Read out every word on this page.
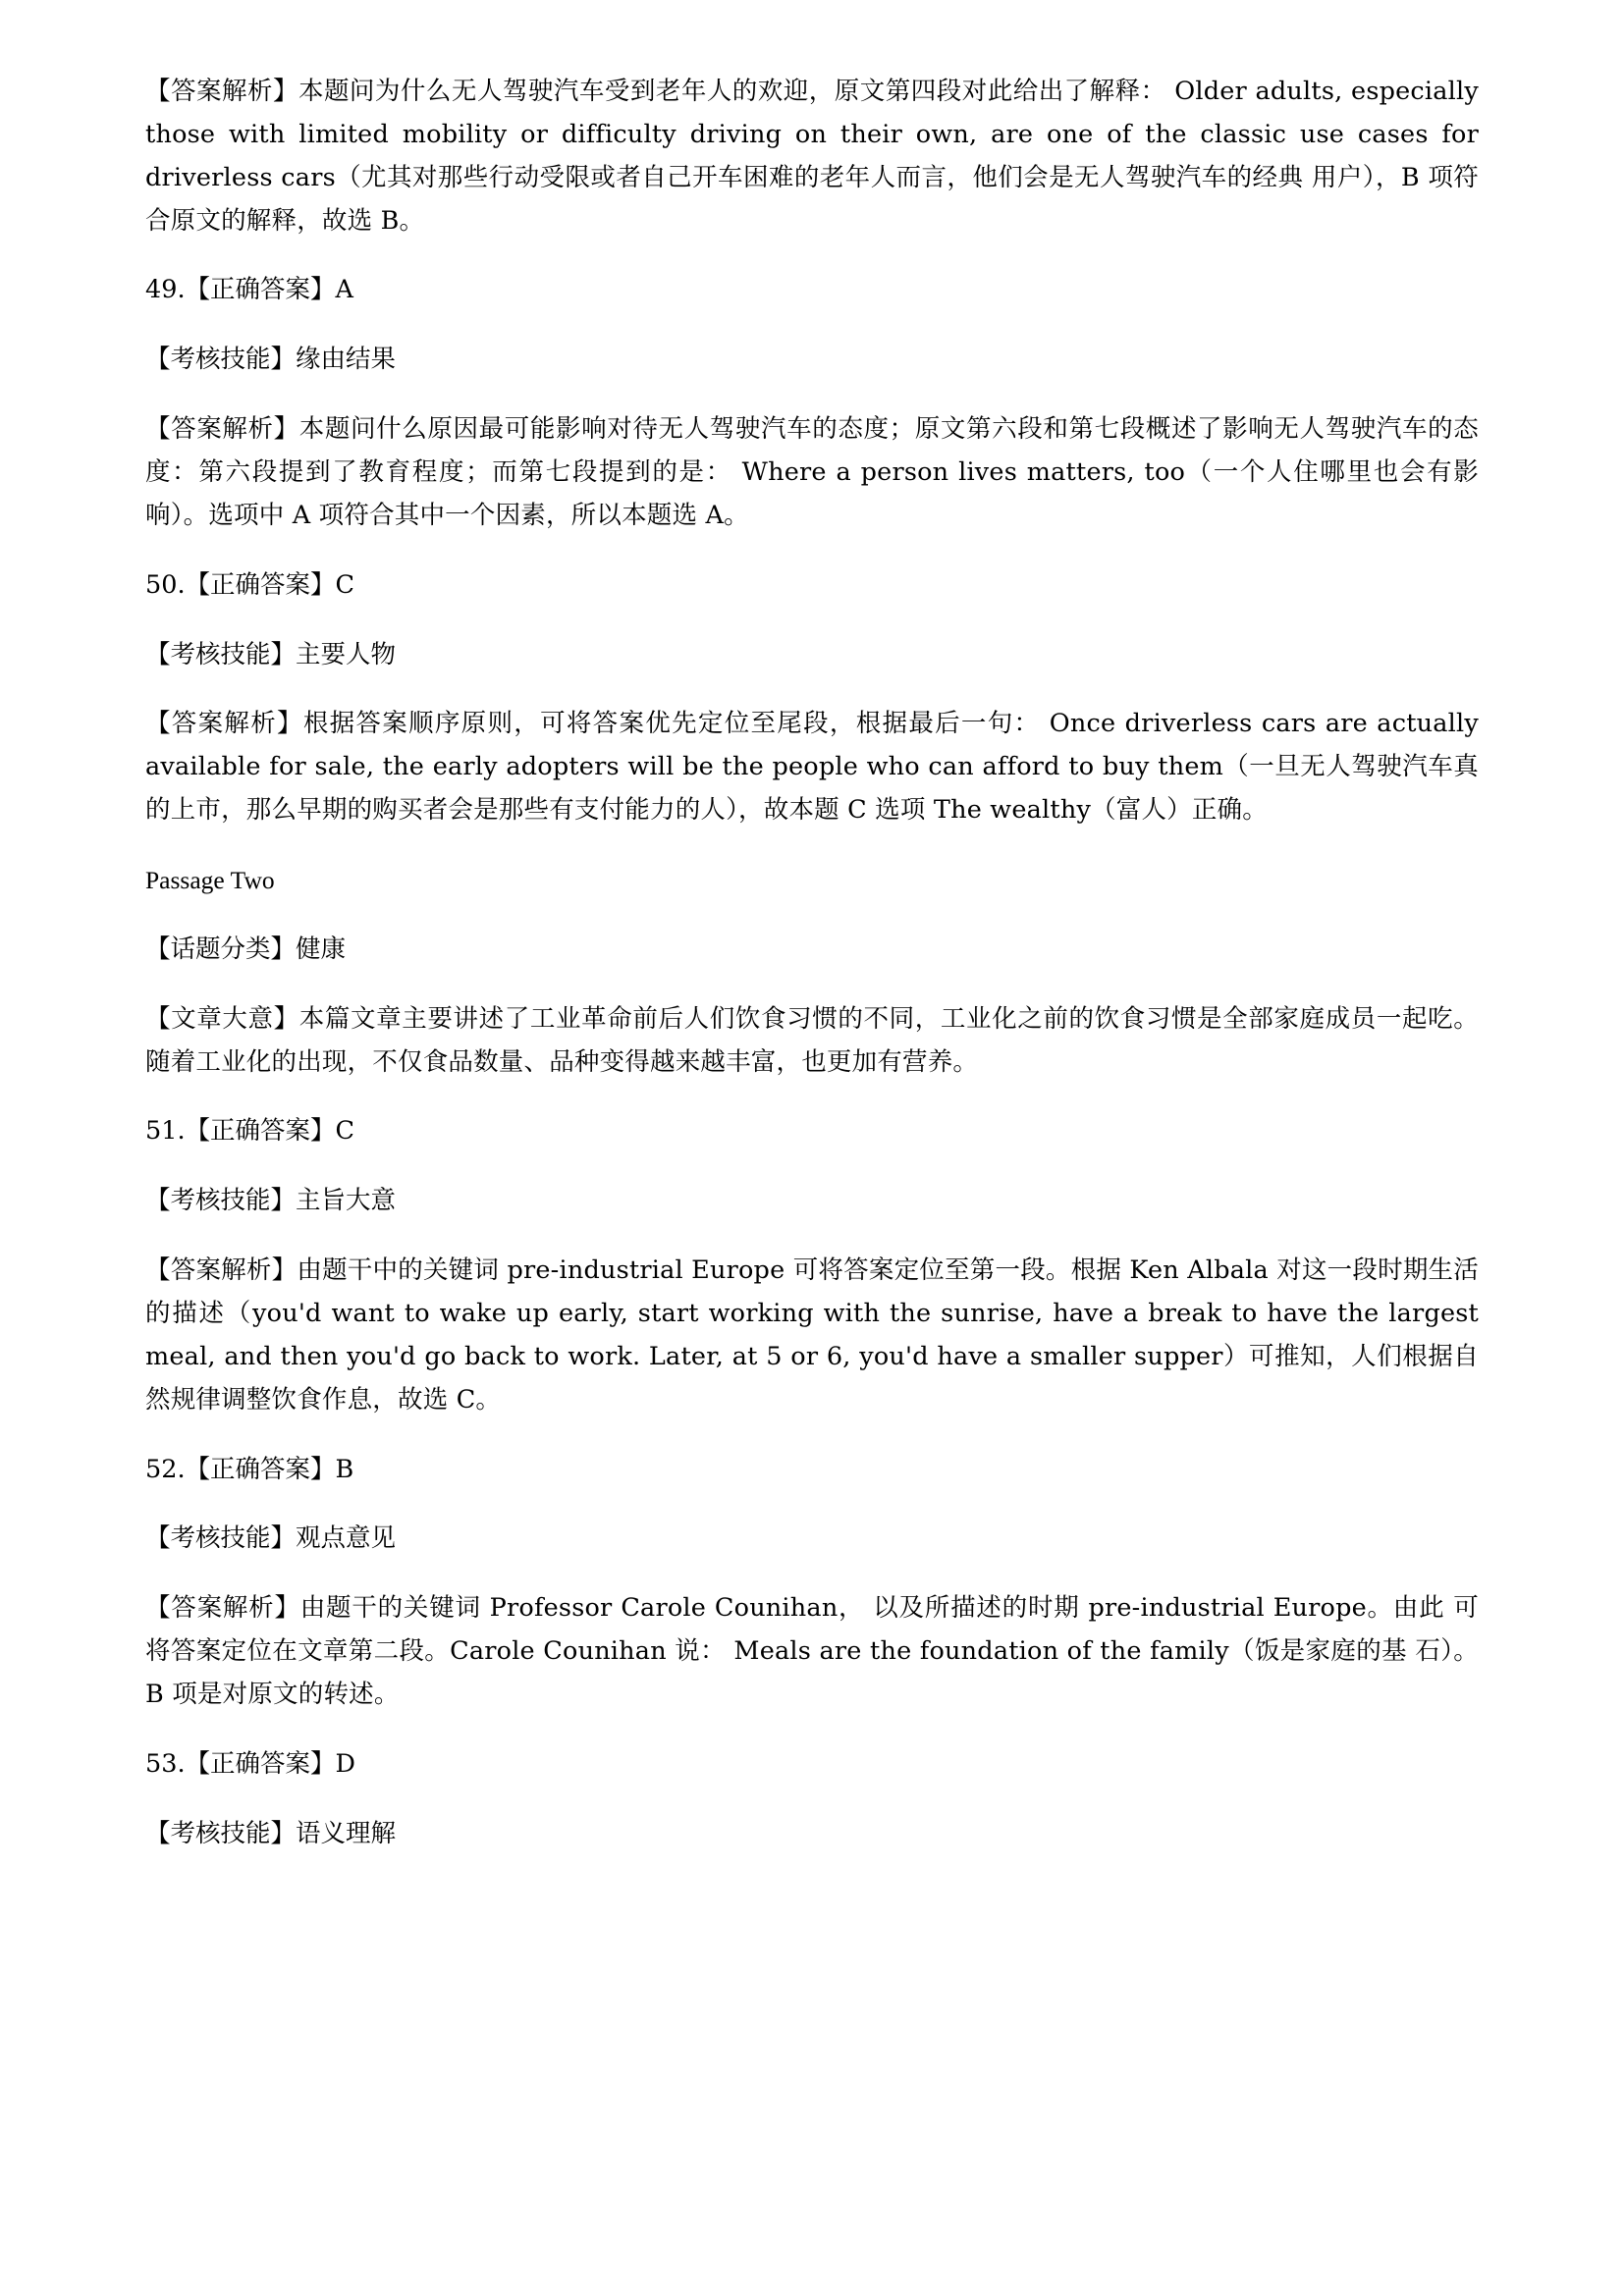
【答案解析】本题问为什么无人驾驶汽车受到老年人的欢迎，原文第四段对此给出了解释： Older adults, especially those with limited mobility or difficulty driving on their own, are one of the classic use cases for driverless cars（尤其对那些行动受限或者自己开车困难的老年人而言，他们会是无人驾驶汽车的经典 用户），B 项符合原文的解释，故选 B。

49.【正确答案】A

【考核技能】缘由结果

【答案解析】本题问什么原因最可能影响对待无人驾驶汽车的态度；原文第六段和第七段概述了影响无人驾驶汽车的态度：第六段提到了教育程度；而第七段提到的是： Where a person lives matters, too（一个人住哪里也会有影响）。选项中 A 项符合其中一个因素，所以本题选 A。

50.【正确答案】C

【考核技能】主要人物

【答案解析】根据答案顺序原则，可将答案优先定位至尾段，根据最后一句： Once driverless cars are actually available for sale, the early adopters will be the people who can afford to buy them（一旦无人驾驶汽车真的上市，那么早期的购买者会是那些有支付能力的人），故本题 C 选项 The wealthy（富人）正确。

Passage Two

【话题分类】健康

【文章大意】本篇文章主要讲述了工业革命前后人们饮食习惯的不同，工业化之前的饮食习惯是全部家庭成员一起吃。随着工业化的出现，不仅食品数量、品种变得越来越丰富，也更加有营养。

51.【正确答案】C

【考核技能】主旨大意

【答案解析】由题干中的关键词 pre-industrial Europe 可将答案定位至第一段。根据 Ken Albala 对这一段时期生活的描述（you'd want to wake up early, start working with the sunrise, have a break to have the largest meal, and then you'd go back to work. Later, at 5 or 6, you'd have a smaller supper）可推知，人们根据自然规律调整饮食作息，故选 C。

52.【正确答案】B

【考核技能】观点意见

【答案解析】由题干的关键词 Professor Carole Counihan， 以及所描述的时期 pre-industrial Europe。由此 可将答案定位在文章第二段。Carole Counihan 说： Meals are the foundation of the family（饭是家庭的基 石）。B 项是对原文的转述。

53.【正确答案】D

【考核技能】语义理解
